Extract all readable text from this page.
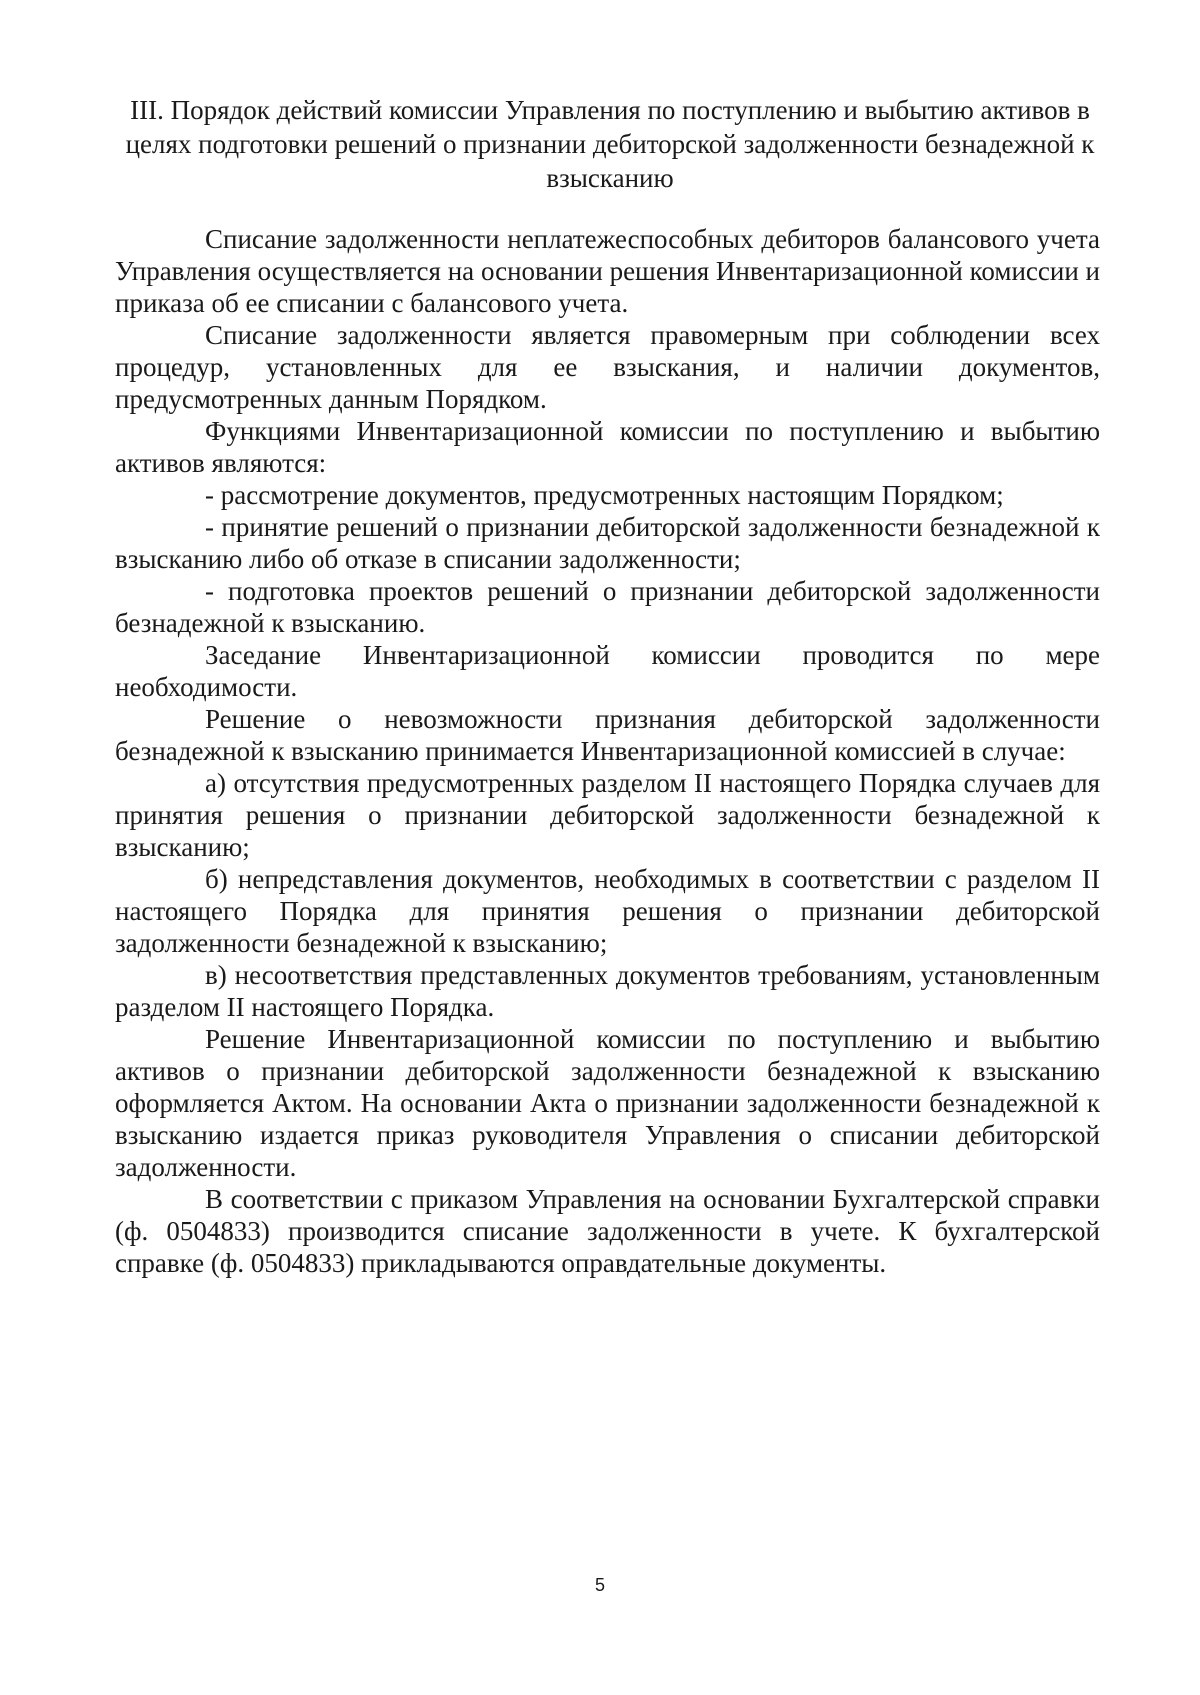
III. Порядок действий комиссии Управления по поступлению и выбытию активов в целях подготовки решений о признании дебиторской задолженности безнадежной к взысканию

Списание задолженности неплатежеспособных дебиторов балансового учета Управления осуществляется на основании решения Инвентаризационной комиссии и приказа об ее списании с балансового учета.

Списание задолженности является правомерным при соблюдении всех процедур, установленных для ее взыскания, и наличии документов, предусмотренных данным Порядком.

Функциями Инвентаризационной комиссии по поступлению и выбытию активов являются:

- рассмотрение документов, предусмотренных настоящим Порядком;

- принятие решений о признании дебиторской задолженности безнадежной к взысканию либо об отказе в списании задолженности;

- подготовка проектов решений о признании дебиторской задолженности безнадежной к взысканию.

Заседание Инвентаризационной комиссии проводится по мере необходимости.

Решение о невозможности признания дебиторской задолженности безнадежной к взысканию принимается Инвентаризационной комиссией в случае:

а) отсутствия предусмотренных разделом II настоящего Порядка случаев для принятия решения о признании дебиторской задолженности безнадежной к взысканию;

б) непредставления документов, необходимых в соответствии с разделом II настоящего Порядка для принятия решения о признании дебиторской задолженности безнадежной к взысканию;

в) несоответствия представленных документов требованиям, установленным разделом II настоящего Порядка.

Решение Инвентаризационной комиссии по поступлению и выбытию активов о признании дебиторской задолженности безнадежной к взысканию оформляется Актом. На основании Акта о признании задолженности безнадежной к взысканию издается приказ руководителя Управления о списании дебиторской задолженности.

В соответствии с приказом Управления на основании Бухгалтерской справки (ф. 0504833) производится списание задолженности в учете. К бухгалтерской справке (ф. 0504833) прикладываются оправдательные документы.

5
